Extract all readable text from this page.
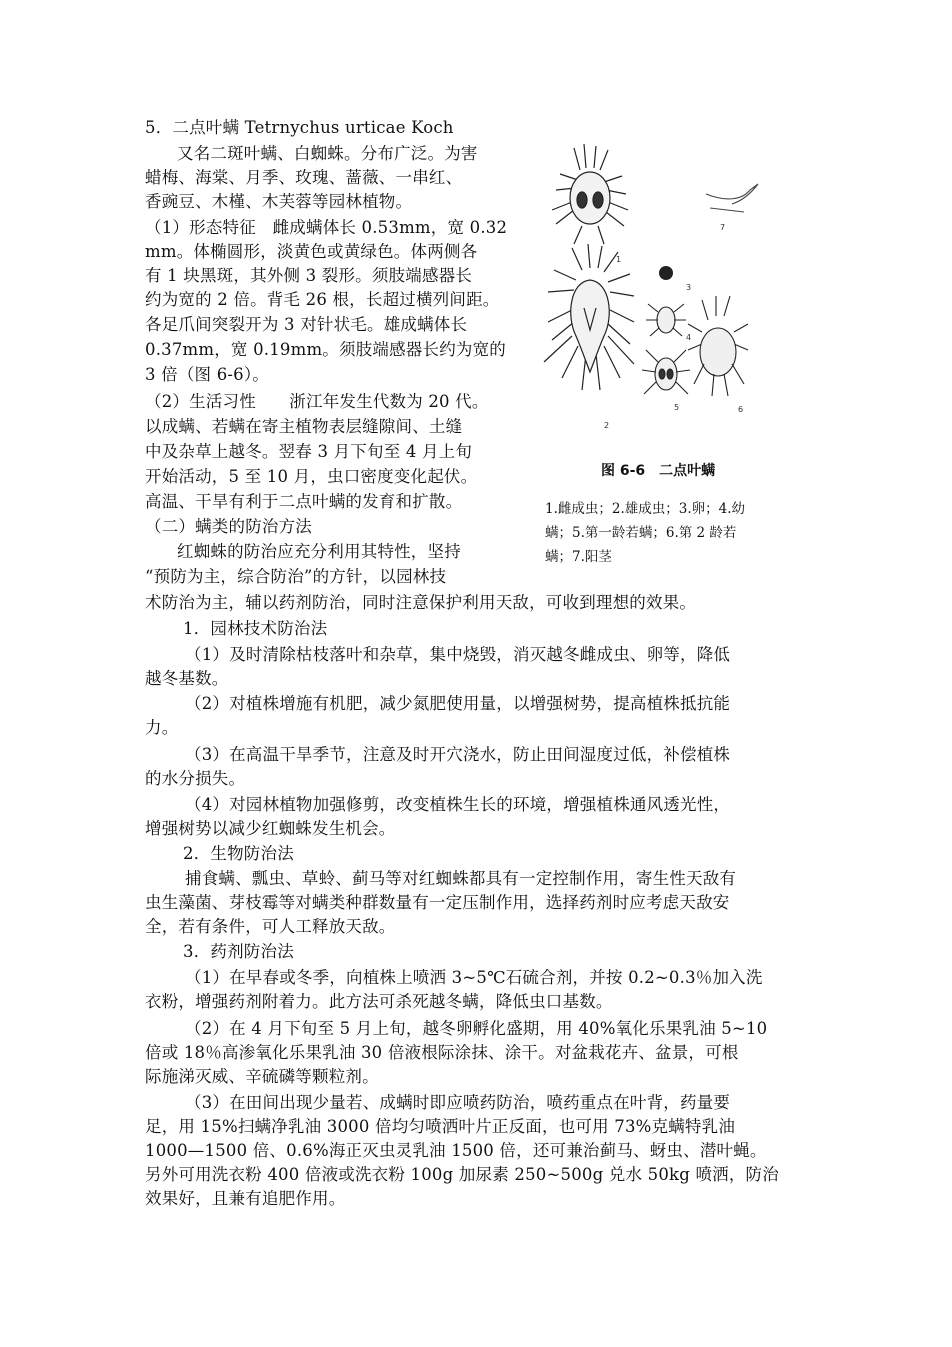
5．二点叶螨 Tetrnychus urticae Koch
又名二斑叶螨、白蜘蛛。分布广泛。为害
蜡梅、海棠、月季、玫瑰、蔷薇、一串红、
香豌豆、木槿、木芙蓉等园林植物。
（1）形态特征　雌成螨体长 0.53mm，宽 0.32
mm。体椭圆形，淡黄色或黄绿色。体两侧各
有 1 块黑斑，其外侧 3 裂形。须肢端感器长
约为宽的 2 倍。背毛 26 根，长超过横列间距。
各足爪间突裂开为 3 对针状毛。雄成螨体长
0.37mm，宽 0.19mm。须肢端感器长约为宽的
3 倍（图 6-6）。
（2）生活习性　　浙江年发生代数为 20 代。
以成螨、若螨在寄主植物表层缝隙间、土缝
中及杂草上越冬。翌春 3 月下旬至 4 月上旬
开始活动，5 至 10 月，虫口密度变化起伏。
高温、干旱有利于二点叶螨的发育和扩散。
（二）螨类的防治方法
红蜘蛛的防治应充分利用其特性，坚持
“预防为主，综合防治”的方针，以园林技
术防治为主，辅以药剂防治，同时注意保护利用天敌，可收到理想的效果。
1．园林技术防治法
（1）及时清除枯枝落叶和杂草，集中烧毁，消灭越冬雌成虫、卵等，降低
越冬基数。
（2）对植株增施有机肥，减少氮肥使用量，以增强树势，提高植株抵抗能
力。
（3）在高温干旱季节，注意及时开穴浇水，防止田间湿度过低，补偿植株
的水分损失。
（4）对园林植物加强修剪，改变植株生长的环境，增强植株通风透光性，
增强树势以减少红蜘蛛发生机会。
2．生物防治法
捕食螨、瓢虫、草蛉、蓟马等对红蜘蛛都具有一定控制作用，寄生性天敌有
虫生藻菌、芽枝霉等对螨类种群数量有一定压制作用，选择药剂时应考虑天敌安
全，若有条件，可人工释放天敌。
3．药剂防治法
（1）在早春或冬季，向植株上喷洒 3~5℃石硫合剂，并按 0.2~0.3％加入洗
衣粉，增强药剂附着力。此方法可杀死越冬螨，降低虫口基数。
（2）在 4 月下旬至 5 月上旬，越冬卵孵化盛期，用 40%氧化乐果乳油 5~10
倍或 18％高渗氧化乐果乳油 30 倍液根际涂抹、涂干。对盆栽花卉、盆景，可根
际施涕灭威、辛硫磷等颗粒剂。
（3）在田间出现少量若、成螨时即应喷药防治，喷药重点在叶背，药量要
足，用 15%扫螨净乳油 3000 倍均匀喷洒叶片正反面，也可用 73%克螨特乳油
1000—1500 倍、0.6%海正灭虫灵乳油 1500 倍，还可兼治蓟马、蚜虫、潜叶蝇。
另外可用洗衣粉 400 倍液或洗衣粉 100g 加尿素 250~500g 兑水 50kg 喷洒，防治
效果好，且兼有追肥作用。
1
2
3
4
5	6
7
图 6-6　二点叶螨
1.雌成虫；2.雄成虫；3.卵；4.幼
螨；5.第一龄若螨；6.第 2 龄若
螨；7.阳茎
